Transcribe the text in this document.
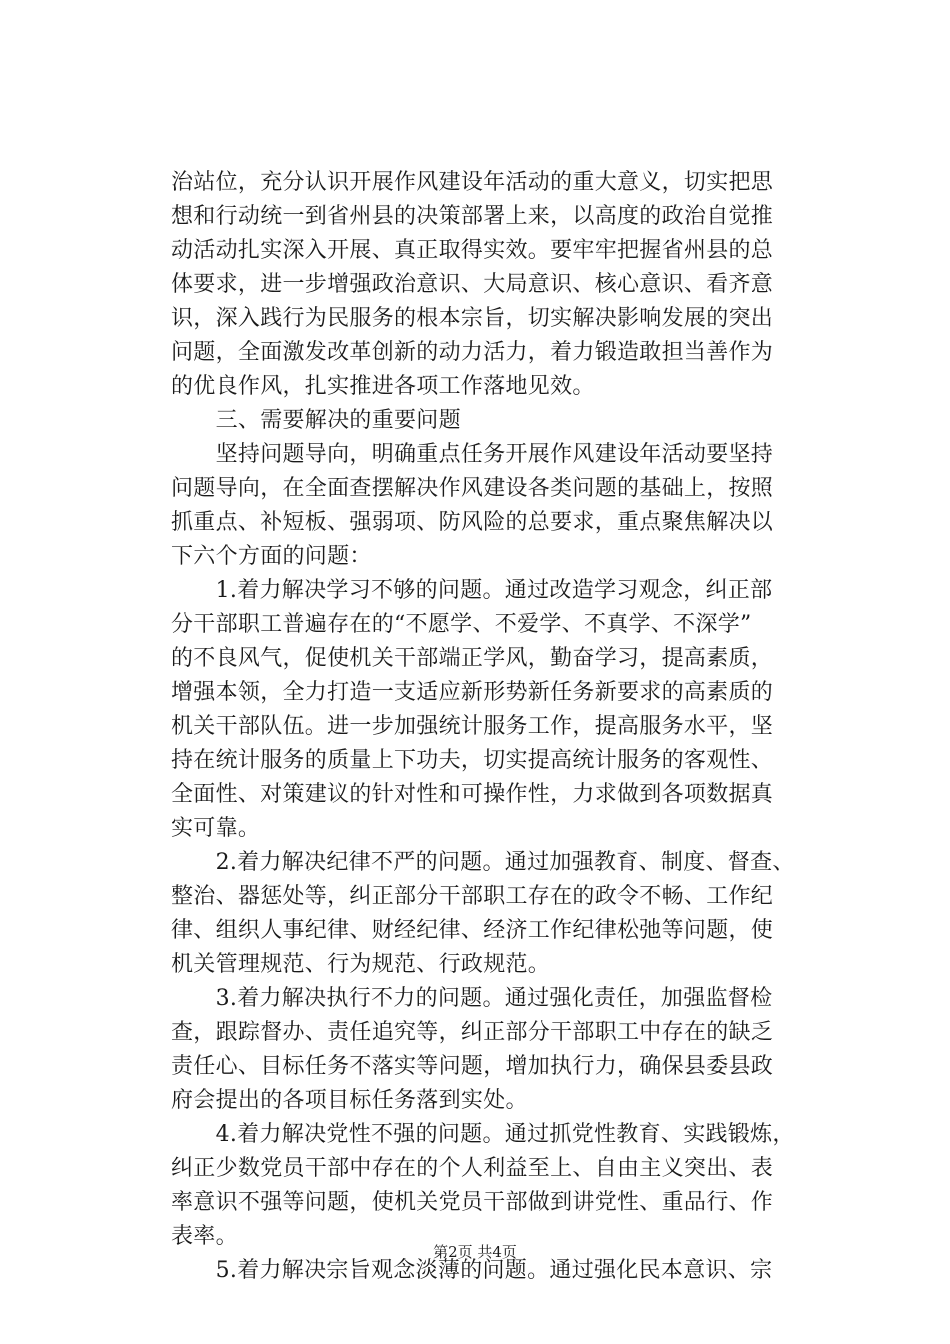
治站位，充分认识开展作风建设年活动的重大意义，切实把思
想和行动统一到省州县的决策部署上来，以高度的政治自觉推
动活动扎实深入开展、真正取得实效。要牢牢把握省州县的总
体要求，进一步增强政治意识、大局意识、核心意识、看齐意
识，深入践行为民服务的根本宗旨，切实解决影响发展的突出
问题，全面激发改革创新的动力活力，着力锻造敢担当善作为
的优良作风，扎实推进各项工作落地见效。
　　三、需要解决的重要问题
　　坚持问题导向，明确重点任务开展作风建设年活动要坚持
问题导向，在全面查摆解决作风建设各类问题的基础上，按照
抓重点、补短板、强弱项、防风险的总要求，重点聚焦解决以
下六个方面的问题：
　　1.着力解决学习不够的问题。通过改造学习观念，纠正部
分干部职工普遍存在的“不愿学、不爱学、不真学、不深学”
的不良风气，促使机关干部端正学风，勤奋学习，提高素质，
增强本领，全力打造一支适应新形势新任务新要求的高素质的
机关干部队伍。进一步加强统计服务工作，提高服务水平，坚
持在统计服务的质量上下功夫，切实提高统计服务的客观性、
全面性、对策建议的针对性和可操作性，力求做到各项数据真
实可靠。
　　2.着力解决纪律不严的问题。通过加强教育、制度、督查、
整治、器惩处等，纠正部分干部职工存在的政令不畅、工作纪
律、组织人事纪律、财经纪律、经济工作纪律松弛等问题，使
机关管理规范、行为规范、行政规范。
　　3.着力解决执行不力的问题。通过强化责任，加强监督检
查，跟踪督办、责任追究等，纠正部分干部职工中存在的缺乏
责任心、目标任务不落实等问题，增加执行力，确保县委县政
府会提出的各项目标任务落到实处。
　　4.着力解决党性不强的问题。通过抓党性教育、实践锻炼，
纠正少数党员干部中存在的个人利益至上、自由主义突出、表
率意识不强等问题，使机关党员干部做到讲党性、重品行、作
表率。
　　5.着力解决宗旨观念淡薄的问题。通过强化民本意识、宗
第2页 共4页
